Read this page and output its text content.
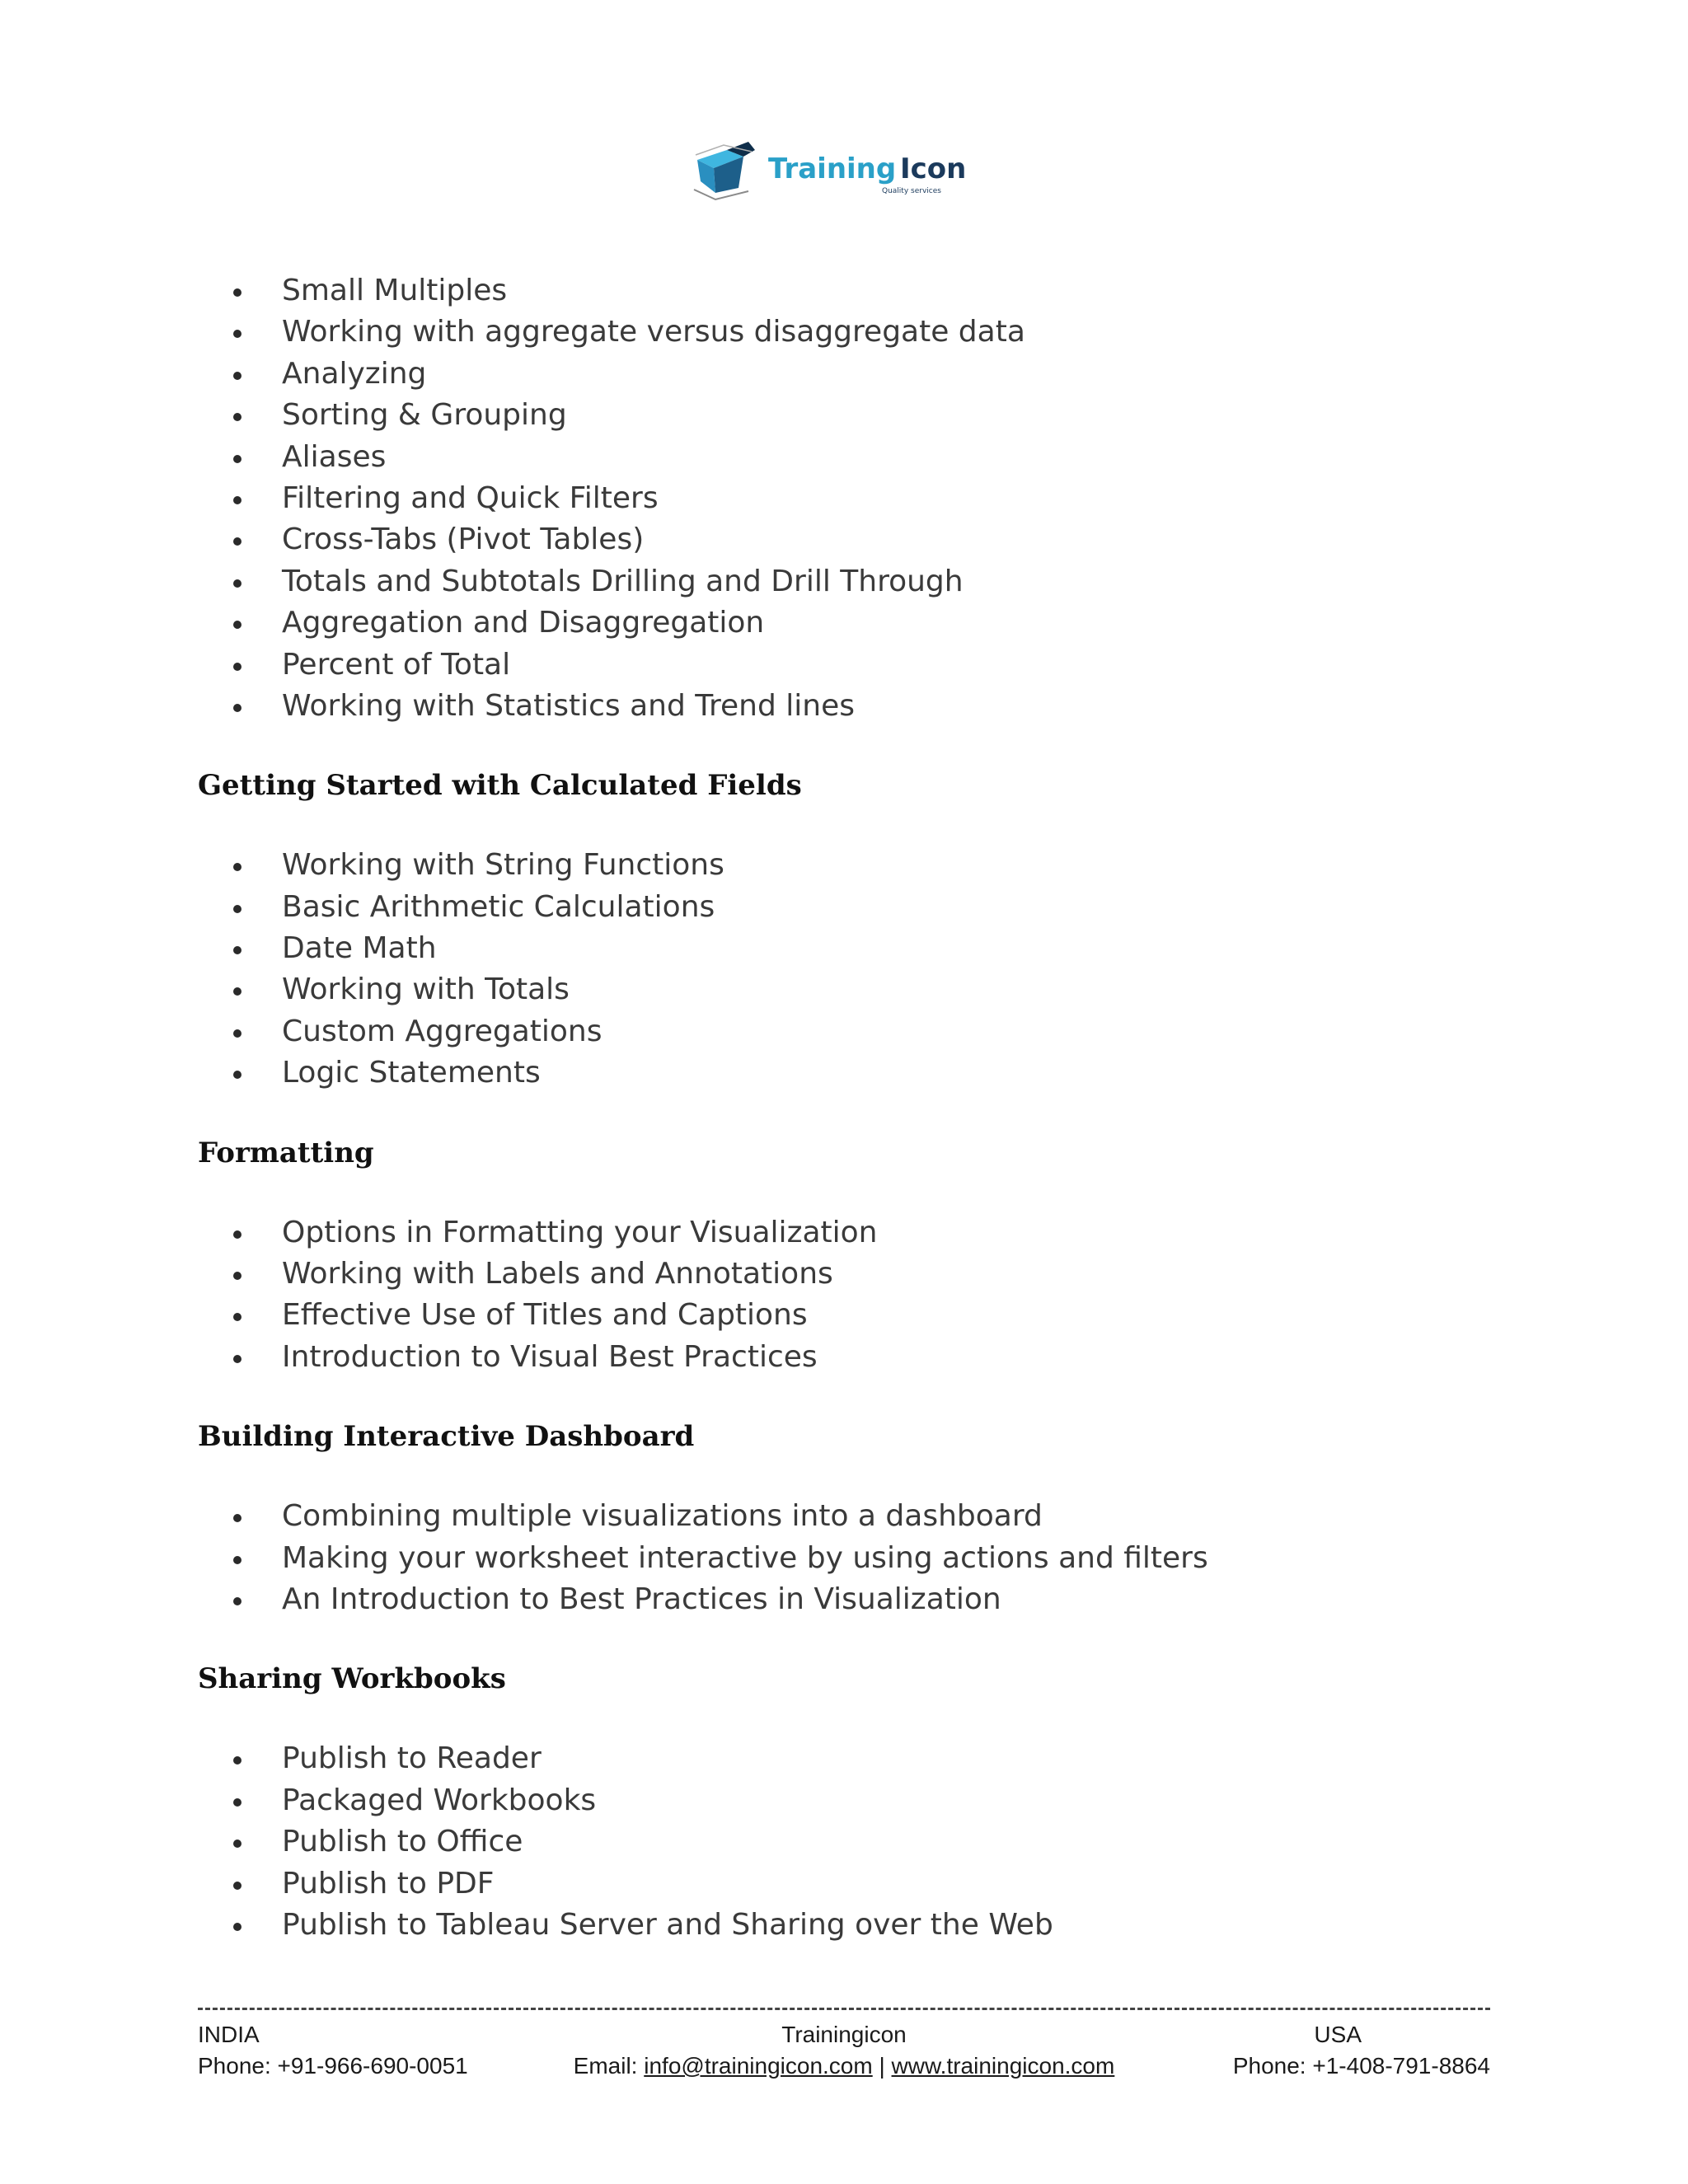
Training Icon
Quality services
Small Multiples
Working with aggregate versus disaggregate data
Analyzing
Sorting & Grouping
Aliases
Filtering and Quick Filters
Cross-Tabs (Pivot Tables)
Totals and Subtotals Drilling and Drill Through
Aggregation and Disaggregation
Percent of Total
Working with Statistics and Trend lines
Getting Started with Calculated Fields
Working with String Functions
Basic Arithmetic Calculations
Date Math
Working with Totals
Custom Aggregations
Logic Statements
Formatting
Options in Formatting your Visualization
Working with Labels and Annotations
Effective Use of Titles and Captions
Introduction to Visual Best Practices
Building Interactive Dashboard
Combining multiple visualizations into a dashboard
Making your worksheet interactive by using actions and filters
An Introduction to Best Practices in Visualization
Sharing Workbooks
Publish to Reader
Packaged Workbooks
Publish to Office
Publish to PDF
Publish to Tableau Server and Sharing over the Web
INDIA	Trainingicon	USA
Phone: +91-966-690-0051	Email: info@trainingicon.com | www.trainingicon.com	Phone: +1-408-791-8864
